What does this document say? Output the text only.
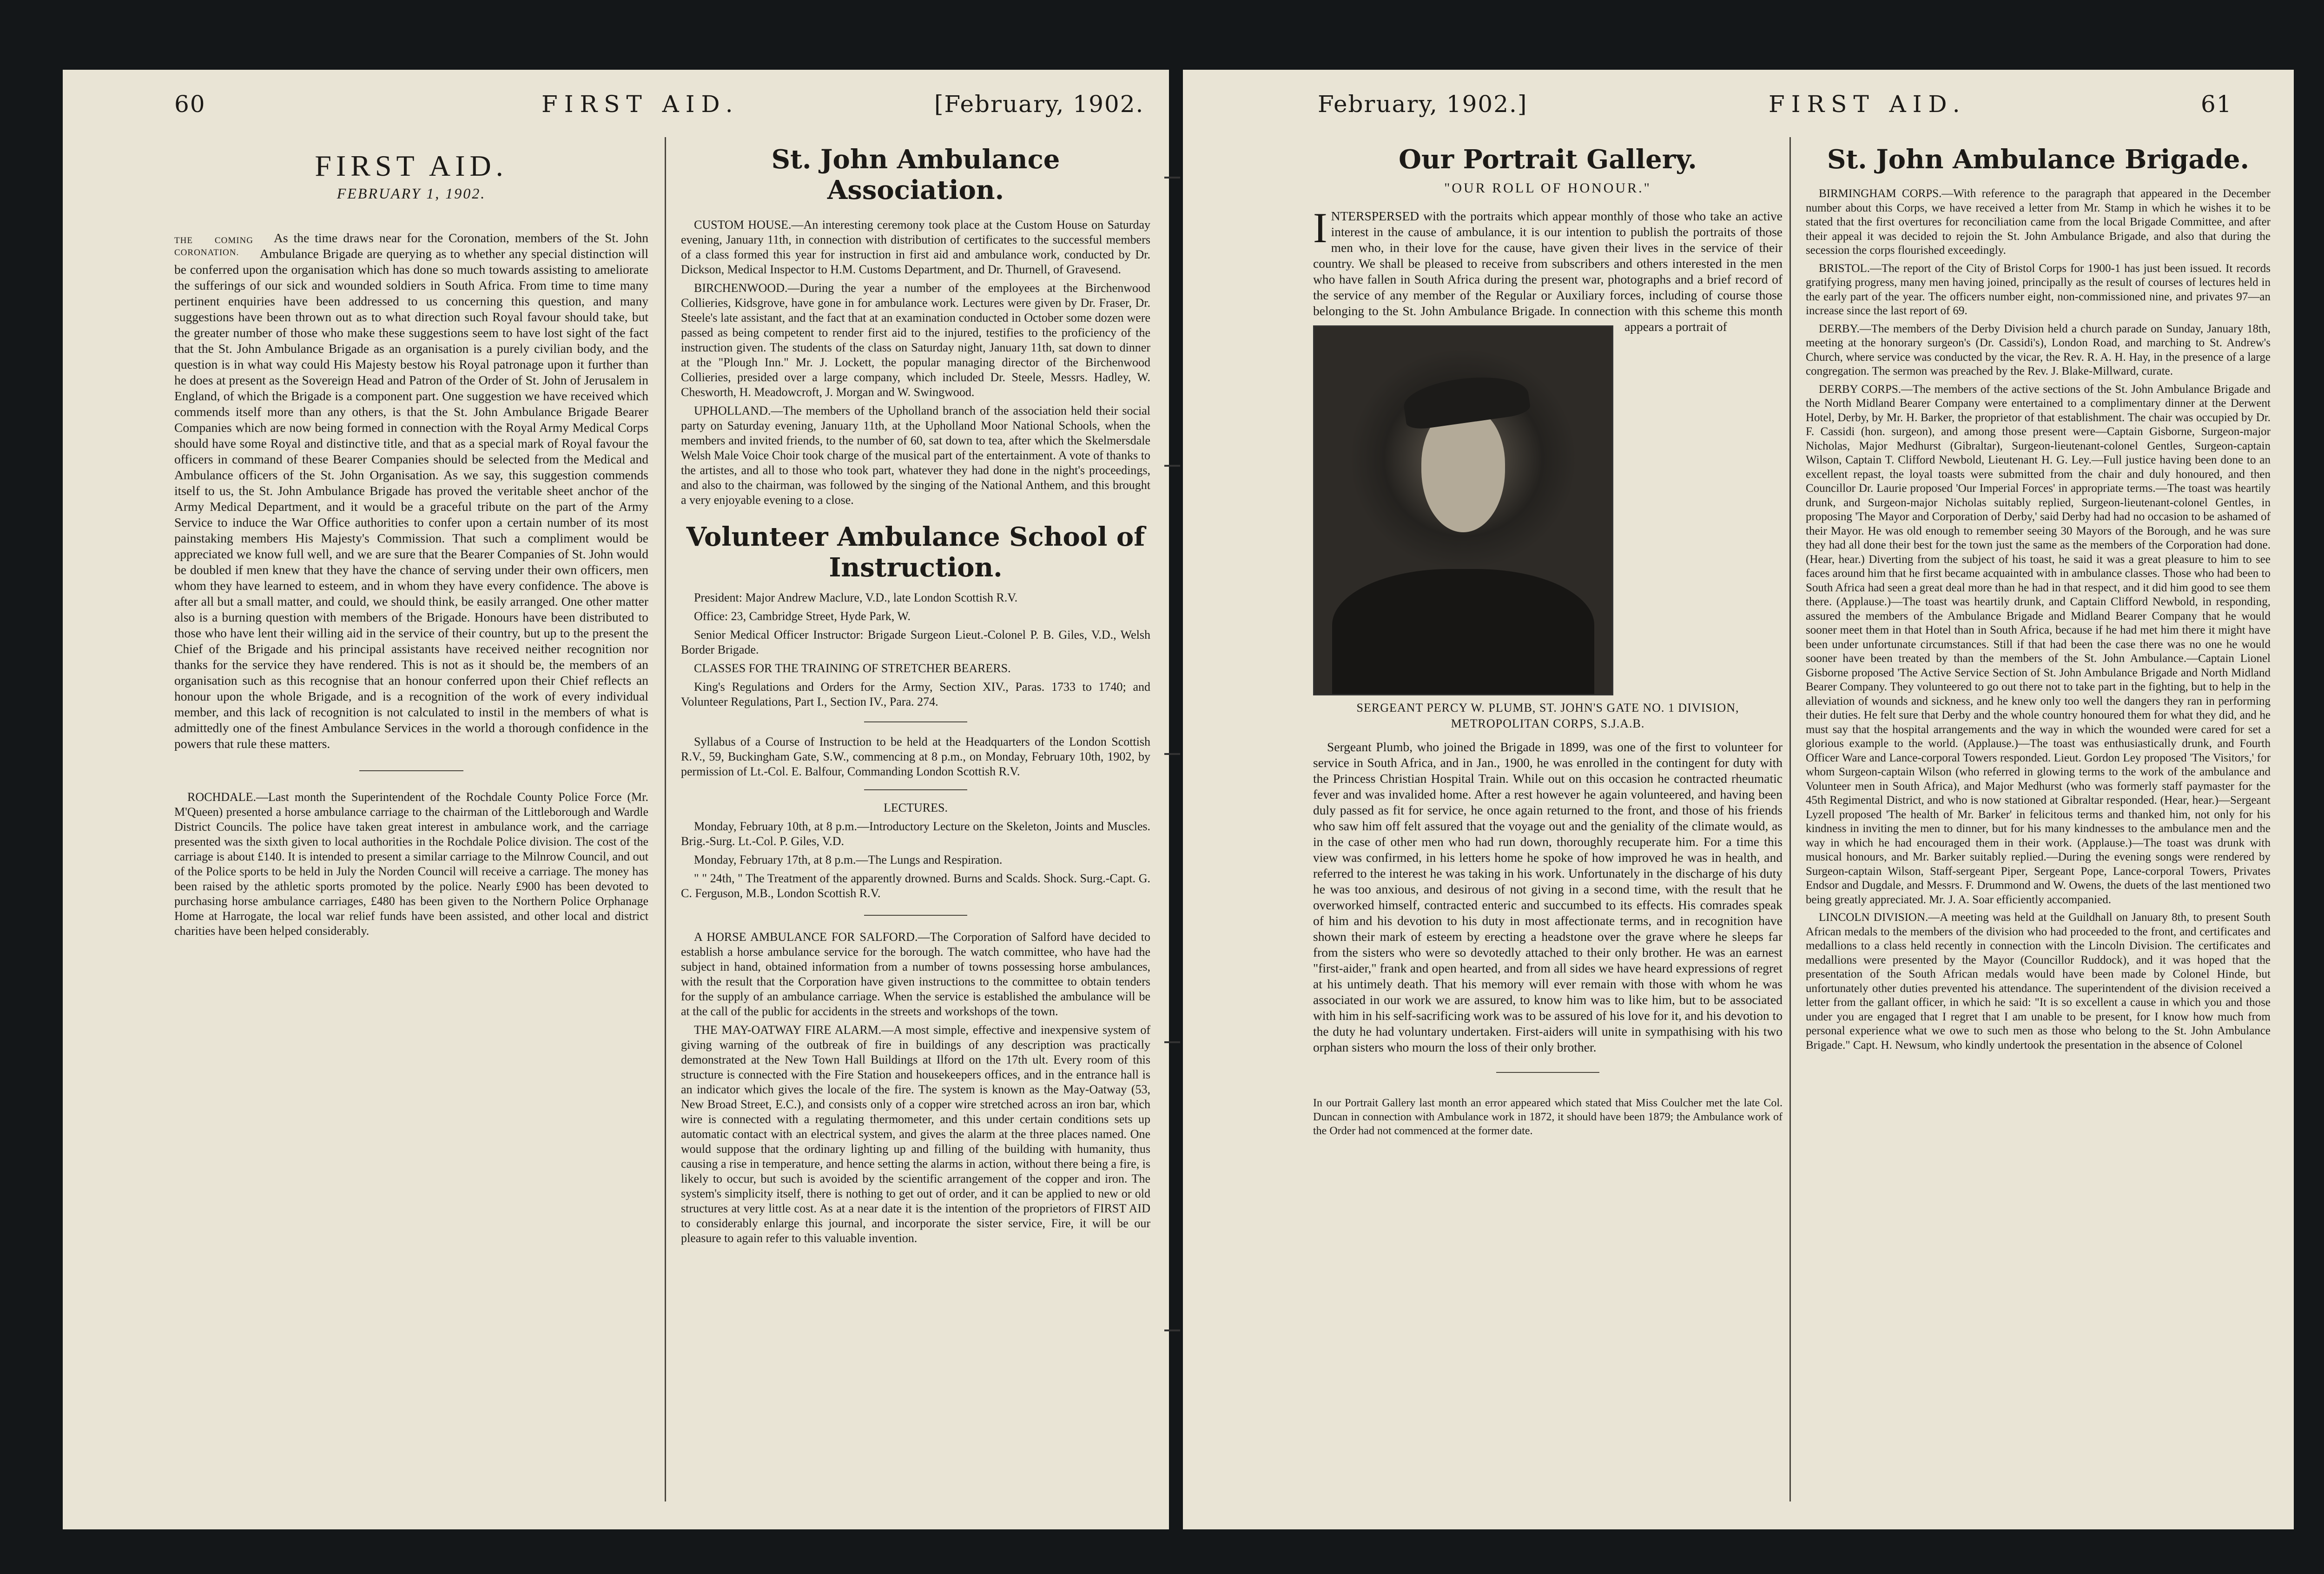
60	FIRST AID.	[February, 1902.
FIRST AID.
FEBRUARY 1, 1902.
THE COMING CORONATION.

As the time draws near for the Coronation, members of the St. John Ambulance Brigade are querying as to whether any special distinction will be conferred upon the organisation which has done so much towards assisting to ameliorate the sufferings of our sick and wounded soldiers in South Africa. From time to time many pertinent enquiries have been addressed to us concerning this question, and many suggestions have been thrown out as to what direction such Royal favour should take, but the greater number of those who make these suggestions seem to have lost sight of the fact that the St. John Ambulance Brigade as an organisation is a purely civilian body, and the question is in what way could His Majesty bestow his Royal patronage upon it further than he does at present as the Sovereign Head and Patron of the Order of St. John of Jerusalem in England, of which the Brigade is a component part. One suggestion we have received which commends itself more than any others, is that the St. John Ambulance Brigade Bearer Companies which are now being formed in connection with the Royal Army Medical Corps should have some Royal and distinctive title, and that as a special mark of Royal favour the officers in command of these Bearer Companies should be selected from the Medical and Ambulance officers of the St. John Organisation. As we say, this suggestion commends itself to us, the St. John Ambulance Brigade has proved the veritable sheet anchor of the Army Medical Department, and it would be a graceful tribute on the part of the Army Service to induce the War Office authorities to confer upon a certain number of its most painstaking members His Majesty's Commission. That such a compliment would be appreciated we know full well, and we are sure that the Bearer Companies of St. John would be doubled if men knew that they have the chance of serving under their own officers, men whom they have learned to esteem, and in whom they have every confidence. The above is after all but a small matter, and could, we should think, be easily arranged. One other matter also is a burning question with members of the Brigade. Honours have been distributed to those who have lent their willing aid in the service of their country, but up to the present the Chief of the Brigade and his principal assistants have received neither recognition nor thanks for the service they have rendered. This is not as it should be, the members of an organisation such as this recognise that an honour conferred upon their Chief reflects an honour upon the whole Brigade, and is a recognition of the work of every individual member, and this lack of recognition is not calculated to instil in the members of what is admittedly one of the finest Ambulance Services in the world a thorough confidence in the powers that rule these matters.

ROCHDALE.—Last month the Superintendent of the Rochdale County Police Force (Mr. M'Queen) presented a horse ambulance carriage to the chairman of the Littleborough and Wardle District Councils. The police have taken great interest in ambulance work, and the carriage presented was the sixth given to local authorities in the Rochdale Police division. The cost of the carriage is about £140. It is intended to present a similar carriage to the Milnrow Council, and out of the Police sports to be held in July the Norden Council will receive a carriage. The money has been raised by the athletic sports promoted by the police. Nearly £900 has been devoted to purchasing horse ambulance carriages, £480 has been given to the Northern Police Orphanage Home at Harrogate, the local war relief funds have been assisted, and other local and district charities have been helped considerably.

St. John Ambulance Association.

CUSTOM HOUSE.—An interesting ceremony took place at the Custom House on Saturday evening, January 11th, in connection with distribution of certificates to the successful members of a class formed this year for instruction in first aid and ambulance work, conducted by Dr. Dickson, Medical Inspector to H.M. Customs Department, and Dr. Thurnell, of Gravesend.

BIRCHENWOOD.—During the year a number of the employees at the Birchenwood Collieries, Kidsgrove, have gone in for ambulance work. Lectures were given by Dr. Fraser, Dr. Steele's late assistant, and the fact that at an examination conducted in October some dozen were passed as being competent to render first aid to the injured, testifies to the proficiency of the instruction given. The students of the class on Saturday night, January 11th, sat down to dinner at the "Plough Inn." Mr. J. Lockett, the popular managing director of the Birchenwood Collieries, presided over a large company, which included Dr. Steele, Messrs. Hadley, W. Chesworth, H. Meadowcroft, J. Morgan and W. Swingwood.

UPHOLLAND.—The members of the Upholland branch of the association held their social party on Saturday evening, January 11th, at the Upholland Moor National Schools, when the members and invited friends, to the number of 60, sat down to tea, after which the Skelmersdale Welsh Male Voice Choir took charge of the musical part of the entertainment. A vote of thanks to the artistes, and all to those who took part, whatever they had done in the night's proceedings, and also to the chairman, was followed by the singing of the National Anthem, and this brought a very enjoyable evening to a close.

Volunteer Ambulance School of
Instruction.

President: Major Andrew Maclure, V.D., late London Scottish R.V.

Office: 23, Cambridge Street, Hyde Park, W.

Senior Medical Officer Instructor: Brigade Surgeon Lieut.-Colonel P. B. Giles, V.D., Welsh Border Brigade.

CLASSES FOR THE TRAINING OF STRETCHER BEARERS.

King's Regulations and Orders for the Army, Section XIV., Paras. 1733 to 1740; and Volunteer Regulations, Part I., Section IV., Para. 274.

Syllabus of a Course of Instruction to be held at the Headquarters of the London Scottish R.V., 59, Buckingham Gate, S.W., commencing at 8 p.m., on Monday, February 10th, 1902, by permission of Lt.-Col. E. Balfour, Commanding London Scottish R.V.

LECTURES.

Monday, February 10th, at 8 p.m.—Introductory Lecture on the Skeleton, Joints and Muscles. Brig.-Surg. Lt.-Col. P. Giles, V.D.

Monday, February 17th, at 8 p.m.—The Lungs and Respiration.

" " 24th, " The Treatment of the apparently drowned. Burns and Scalds. Shock. Surg.-Capt. G. C. Ferguson, M.B., London Scottish R.V.

A HORSE AMBULANCE FOR SALFORD.—The Corporation of Salford have decided to establish a horse ambulance service for the borough. The watch committee, who have had the subject in hand, obtained information from a number of towns possessing horse ambulances, with the result that the Corporation have given instructions to the committee to obtain tenders for the supply of an ambulance carriage. When the service is established the ambulance will be at the call of the public for accidents in the streets and workshops of the town.

THE MAY-OATWAY FIRE ALARM.—A most simple, effective and inexpensive system of giving warning of the outbreak of fire in buildings of any description was practically demonstrated at the New Town Hall Buildings at Ilford on the 17th ult. Every room of this structure is connected with the Fire Station and housekeepers offices, and in the entrance hall is an indicator which gives the locale of the fire. The system is known as the May-Oatway (53, New Broad Street, E.C.), and consists only of a copper wire stretched across an iron bar, which wire is connected with a regulating thermometer, and this under certain conditions sets up automatic contact with an electrical system, and gives the alarm at the three places named. One would suppose that the ordinary lighting up and filling of the building with humanity, thus causing a rise in temperature, and hence setting the alarms in action, without there being a fire, is likely to occur, but such is avoided by the scientific arrangement of the copper and iron. The system's simplicity itself, there is nothing to get out of order, and it can be applied to new or old structures at very little cost. As at a near date it is the intention of the proprietors of FIRST AID to considerably enlarge this journal, and incorporate the sister service, Fire, it will be our pleasure to again refer to this valuable invention.

February, 1902.]	FIRST AID.	61
Our Portrait Gallery.
"OUR ROLL OF HONOUR."
I NTERSPERSED with the portraits which appear monthly of those who take an active interest in the cause of ambulance, it is our intention to publish the portraits of those men who, in their love for the cause, have given their lives in the service of their country. We shall be pleased to receive from subscribers and others interested in the men who have fallen in South Africa during the present war, photographs and a brief record of the service of any member of the Regular or Auxiliary forces, including of course those belonging to the St. John Ambulance Brigade. In connection with this scheme this month appears a portrait of
SERGEANT PERCY W. PLUMB, ST. JOHN'S GATE NO. 1 DIVISION,
METROPOLITAN CORPS, S.J.A.B.

Sergeant Plumb, who joined the Brigade in 1899, was one of the first to volunteer for service in South Africa, and in Jan., 1900, he was enrolled in the contingent for duty with the Princess Christian Hospital Train. While out on this occasion he contracted rheumatic fever and was invalided home. After a rest however he again volunteered, and having been duly passed as fit for service, he once again returned to the front, and those of his friends who saw him off felt assured that the voyage out and the geniality of the climate would, as in the case of other men who had run down, thoroughly recuperate him. For a time this view was confirmed, in his letters home he spoke of how improved he was in health, and referred to the interest he was taking in his work. Unfortunately in the discharge of his duty he was too anxious, and desirous of not giving in a second time, with the result that he overworked himself, contracted enteric and succumbed to its effects. His comrades speak of him and his devotion to his duty in most affectionate terms, and in recognition have shown their mark of esteem by erecting a headstone over the grave where he sleeps far from the sisters who were so devotedly attached to their only brother. He was an earnest "first-aider," frank and open hearted, and from all sides we have heard expressions of regret at his untimely death. That his memory will ever remain with those with whom he was associated in our work we are assured, to know him was to like him, but to be associated with him in his self-sacrificing work was to be assured of his love for it, and his devotion to the duty he had voluntary undertaken. First-aiders will unite in sympathising with his two orphan sisters who mourn the loss of their only brother.

In our Portrait Gallery last month an error appeared which stated that Miss Coulcher met the late Col. Duncan in connection with Ambulance work in 1872, it should have been 1879; the Ambulance work of the Order had not commenced at the former date.
St. John Ambulance Brigade.

BIRMINGHAM CORPS.—With reference to the paragraph that appeared in the December number about this Corps, we have received a letter from Mr. Stamp in which he wishes it to be stated that the first overtures for reconciliation came from the local Brigade Committee, and after their appeal it was decided to rejoin the St. John Ambulance Brigade, and also that during the secession the corps flourished exceedingly.

BRISTOL.—The report of the City of Bristol Corps for 1900-1 has just been issued. It records gratifying progress, many men having joined, principally as the result of courses of lectures held in the early part of the year. The officers number eight, non-commissioned nine, and privates 97—an increase since the last report of 69.

DERBY.—The members of the Derby Division held a church parade on Sunday, January 18th, meeting at the honorary surgeon's (Dr. Cassidi's), London Road, and marching to St. Andrew's Church, where service was conducted by the vicar, the Rev. R. A. H. Hay, in the presence of a large congregation. The sermon was preached by the Rev. J. Blake-Millward, curate.

DERBY CORPS.—The members of the active sections of the St. John Ambulance Brigade and the North Midland Bearer Company were entertained to a complimentary dinner at the Derwent Hotel, Derby, by Mr. H. Barker, the proprietor of that establishment. The chair was occupied by Dr. F. Cassidi (hon. surgeon), and among those present were—Captain Gisborne, Surgeon-major Nicholas, Major Medhurst (Gibraltar), Surgeon-lieutenant-colonel Gentles, Surgeon-captain Wilson, Captain T. Clifford Newbold, Lieutenant H. G. Ley.—Full justice having been done to an excellent repast, the loyal toasts were submitted from the chair and duly honoured, and then Councillor Dr. Laurie proposed 'Our Imperial Forces' in appropriate terms.—The toast was heartily drunk, and Surgeon-major Nicholas suitably replied, Surgeon-lieutenant-colonel Gentles, in proposing 'The Mayor and Corporation of Derby,' said Derby had had no occasion to be ashamed of their Mayor. He was old enough to remember seeing 30 Mayors of the Borough, and he was sure they had all done their best for the town just the same as the members of the Corporation had done. (Hear, hear.) Diverting from the subject of his toast, he said it was a great pleasure to him to see faces around him that he first became acquainted with in ambulance classes. Those who had been to South Africa had seen a great deal more than he had in that respect, and it did him good to see them there. (Applause.)—The toast was heartily drunk, and Captain Clifford Newbold, in responding, assured the members of the Ambulance Brigade and Midland Bearer Company that he would sooner meet them in that Hotel than in South Africa, because if he had met him there it might have been under unfortunate circumstances. Still if that had been the case there was no one he would sooner have been treated by than the members of the St. John Ambulance.—Captain Lionel Gisborne proposed 'The Active Service Section of St. John Ambulance Brigade and North Midland Bearer Company. They volunteered to go out there not to take part in the fighting, but to help in the alleviation of wounds and sickness, and he knew only too well the dangers they ran in performing their duties. He felt sure that Derby and the whole country honoured them for what they did, and he must say that the hospital arrangements and the way in which the wounded were cared for set a glorious example to the world. (Applause.)—The toast was enthusiastically drunk, and Fourth Officer Ware and Lance-corporal Towers responded. Lieut. Gordon Ley proposed 'The Visitors,' for whom Surgeon-captain Wilson (who referred in glowing terms to the work of the ambulance and Volunteer men in South Africa), and Major Medhurst (who was formerly staff paymaster for the 45th Regimental District, and who is now stationed at Gibraltar responded. (Hear, hear.)—Sergeant Lyzell proposed 'The health of Mr. Barker' in felicitous terms and thanked him, not only for his kindness in inviting the men to dinner, but for his many kindnesses to the ambulance men and the way in which he had encouraged them in their work. (Applause.)—The toast was drunk with musical honours, and Mr. Barker suitably replied.—During the evening songs were rendered by Surgeon-captain Wilson, Staff-sergeant Piper, Sergeant Pope, Lance-corporal Towers, Privates Endsor and Dugdale, and Messrs. F. Drummond and W. Owens, the duets of the last mentioned two being greatly appreciated. Mr. J. A. Soar efficiently accompanied.

LINCOLN DIVISION.—A meeting was held at the Guildhall on January 8th, to present South African medals to the members of the division who had proceeded to the front, and certificates and medallions to a class held recently in connection with the Lincoln Division. The certificates and medallions were presented by the Mayor (Councillor Ruddock), and it was hoped that the presentation of the South African medals would have been made by Colonel Hinde, but unfortunately other duties prevented his attendance. The superintendent of the division received a letter from the gallant officer, in which he said: "It is so excellent a cause in which you and those under you are engaged that I regret that I am unable to be present, for I know how much from personal experience what we owe to such men as those who belong to the St. John Ambulance Brigade." Capt. H. Newsum, who kindly undertook the presentation in the absence of Colonel
